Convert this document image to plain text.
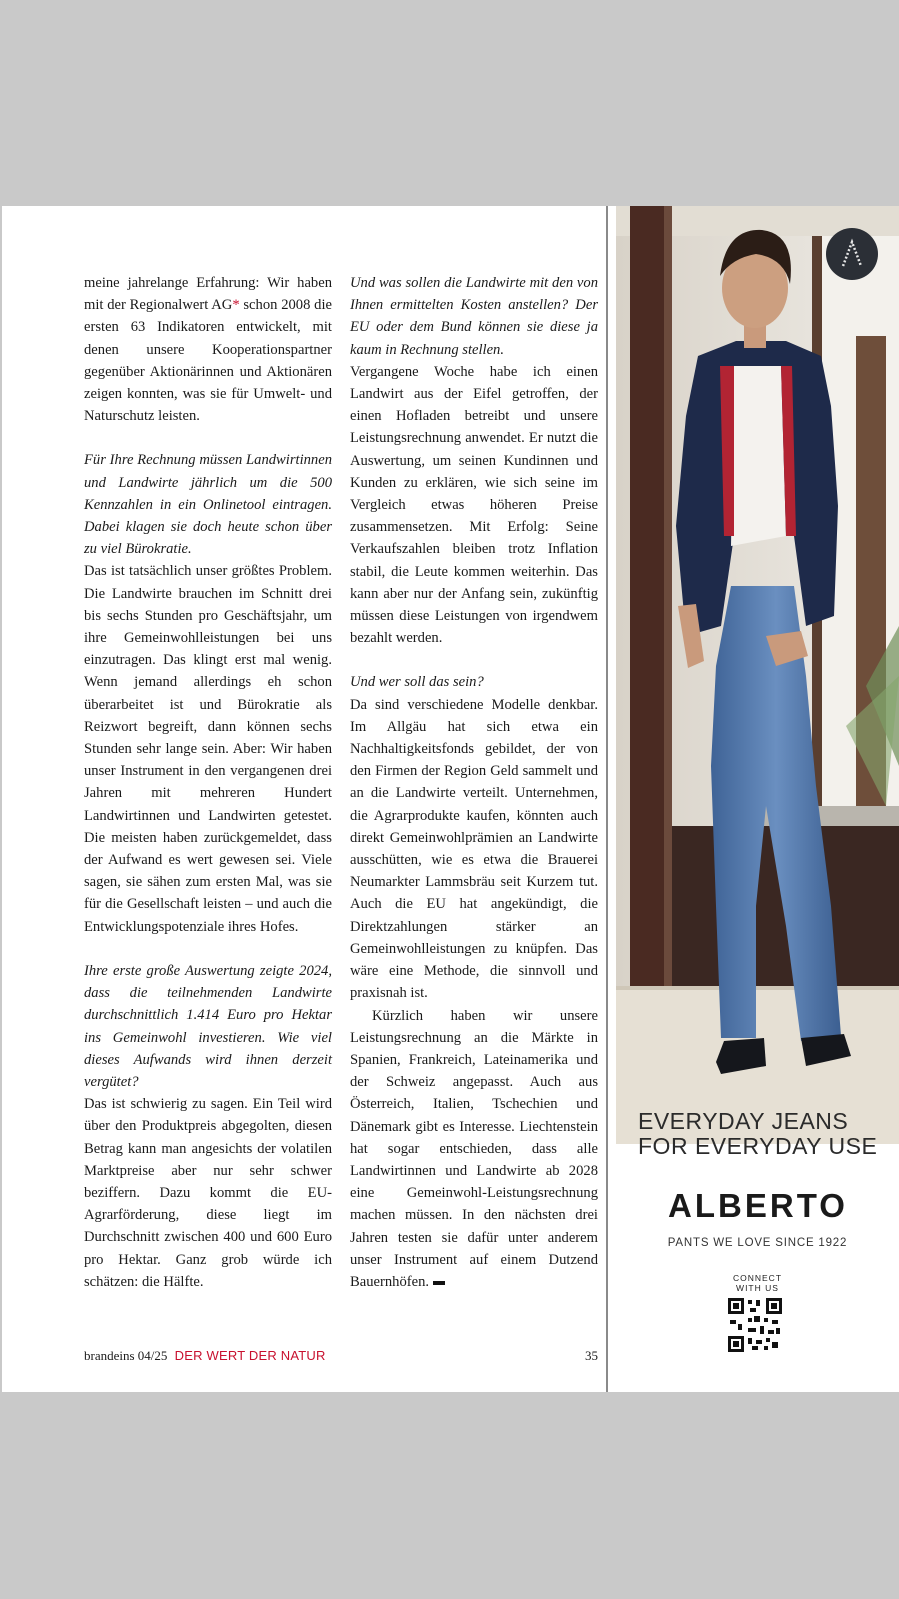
meine jahrelange Erfahrung: Wir haben mit der Regionalwert AG* schon 2008 die ersten 63 Indikatoren entwickelt, mit denen unsere Kooperationspartner gegenüber Aktionärinnen und Aktionären zeigen konnten, was sie für Umwelt- und Naturschutz leisten.

Für Ihre Rechnung müssen Landwirtinnen und Landwirte jährlich um die 500 Kennzahlen in ein Onlinetool eintragen. Dabei klagen sie doch heute schon über zu viel Bürokratie.

Das ist tatsächlich unser größtes Problem. Die Landwirte brauchen im Schnitt drei bis sechs Stunden pro Geschäftsjahr, um ihre Gemeinwohlleistungen bei uns einzutragen. Das klingt erst mal wenig. Wenn jemand allerdings eh schon überarbeitet ist und Bürokratie als Reizwort begreift, dann können sechs Stunden sehr lange sein. Aber: Wir haben unser Instrument in den vergangenen drei Jahren mit mehreren Hundert Landwirtinnen und Landwirten getestet. Die meisten haben zurückgemeldet, dass der Aufwand es wert gewesen sei. Viele sagen, sie sähen zum ersten Mal, was sie für die Gesellschaft leisten – und auch die Entwicklungspotenziale ihres Hofes.

Ihre erste große Auswertung zeigte 2024, dass die teilnehmenden Landwirte durchschnittlich 1.414 Euro pro Hektar ins Gemeinwohl investieren. Wie viel dieses Aufwands wird ihnen derzeit vergütet?

Das ist schwierig zu sagen. Ein Teil wird über den Produktpreis abgegolten, diesen Betrag kann man angesichts der volatilen Marktpreise aber nur sehr schwer beziffern. Dazu kommt die EU-Agrarförderung, diese liegt im Durchschnitt zwischen 400 und 600 Euro pro Hektar. Ganz grob würde ich schätzen: die Hälfte.

Und was sollen die Landwirte mit den von Ihnen ermittelten Kosten anstellen? Der EU oder dem Bund können sie diese ja kaum in Rechnung stellen.

Vergangene Woche habe ich einen Landwirt aus der Eifel getroffen, der einen Hofladen betreibt und unsere Leistungsrechnung anwendet. Er nutzt die Auswertung, um seinen Kundinnen und Kunden zu erklären, wie sich seine im Vergleich etwas höheren Preise zusammensetzen. Mit Erfolg: Seine Verkaufszahlen bleiben trotz Inflation stabil, die Leute kommen weiterhin. Das kann aber nur der Anfang sein, zukünftig müssen diese Leistungen von irgendwem bezahlt werden.

Und wer soll das sein?

Da sind verschiedene Modelle denkbar. Im Allgäu hat sich etwa ein Nachhaltigkeitsfonds gebildet, der von den Firmen der Region Geld sammelt und an die Landwirte verteilt. Unternehmen, die Agrarprodukte kaufen, könnten auch direkt Gemeinwohlprämien an Landwirte ausschütten, wie es etwa die Brauerei Neumarkter Lammsbräu seit Kurzem tut. Auch die EU hat angekündigt, die Direktzahlungen stärker an Gemeinwohlleistungen zu knüpfen. Das wäre eine Methode, die sinnvoll und praxisnah ist.

Kürzlich haben wir unsere Leistungsrechnung an die Märkte in Spanien, Frankreich, Lateinamerika und der Schweiz angepasst. Auch aus Österreich, Italien, Tschechien und Dänemark gibt es Interesse. Liechtenstein hat sogar entschieden, dass alle Landwirtinnen und Landwirte ab 2028 eine Gemeinwohl-Leistungsrechnung machen müssen. In den nächsten drei Jahren testen sie dafür unter anderem unser Instrument auf einem Dutzend Bauernhöfen.

brandeins 04/25 DER WERT DER NATUR	35
EVERYDAY JEANS
FOR EVERYDAY USE
ALBERTO
PANTS WE LOVE SINCE 1922
CONNECT
WITH US
